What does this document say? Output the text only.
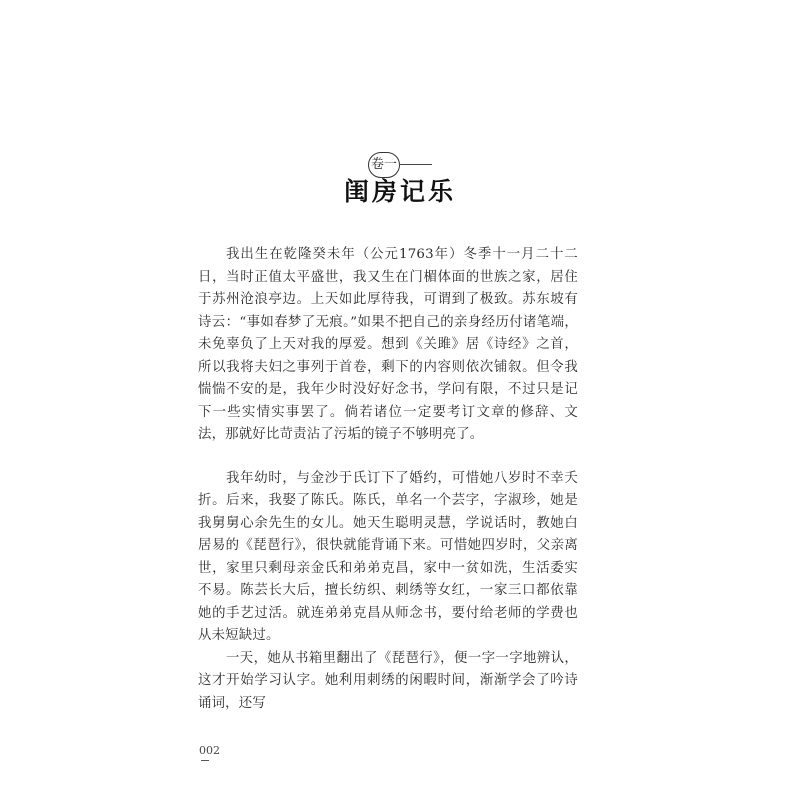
卷一
闺房记乐

我出生在乾隆癸未年（公元1763年）冬季十一月二十二日，当时正值太平盛世，我又生在门楣体面的世族之家，居住于苏州沧浪亭边。上天如此厚待我，可谓到了极致。苏东坡有诗云：“事如春梦了无痕。”如果不把自己的亲身经历付诸笔端，未免辜负了上天对我的厚爱。想到《关雎》居《诗经》之首，所以我将夫妇之事列于首卷，剩下的内容则依次铺叙。但令我惴惴不安的是，我年少时没好好念书，学问有限，不过只是记下一些实情实事罢了。倘若诸位一定要考订文章的修辞、文法，那就好比苛责沾了污垢的镜子不够明亮了。

我年幼时，与金沙于氏订下了婚约，可惜她八岁时不幸夭折。后来，我娶了陈氏。陈氏，单名一个芸字，字淑珍，她是我舅舅心余先生的女儿。她天生聪明灵慧，学说话时，教她白居易的《琵琶行》，很快就能背诵下来。可惜她四岁时，父亲离世，家里只剩母亲金氏和弟弟克昌，家中一贫如洗，生活委实不易。陈芸长大后，擅长纺织、刺绣等女红，一家三口都依靠她的手艺过活。就连弟弟克昌从师念书，要付给老师的学费也从未短缺过。

一天，她从书箱里翻出了《琵琶行》，便一字一字地辨认，这才开始学习认字。她利用刺绣的闲暇时间，渐渐学会了吟诗诵词，还写

002
